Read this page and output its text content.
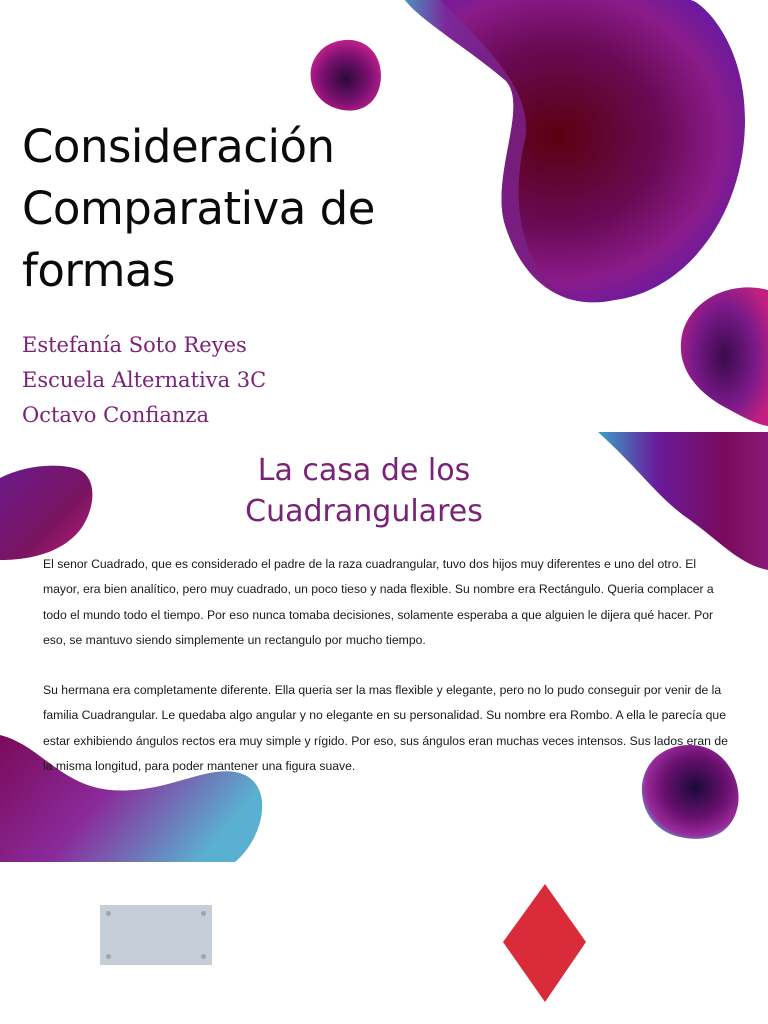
Consideración Comparativa de formas
Estefanía Soto Reyes
Escuela Alternativa 3C
Octavo Confianza
La casa de los Cuadrangulares

El senor Cuadrado, que es considerado el padre de la raza cuadrangular, tuvo dos hijos muy diferentes e uno del otro. El mayor, era bien analítico, pero muy cuadrado, un poco tieso y nada flexible. Su nombre era Rectángulo. Queria complacer a todo el mundo todo el tiempo. Por eso nunca tomaba decisiones, solamente esperaba a que alguien le dijera qué hacer. Por eso, se mantuvo siendo simplemente un rectangulo por mucho tiempo.

Su hermana era completamente diferente. Ella queria ser la mas flexible y elegante, pero no lo pudo conseguir por venir de la familia Cuadrangular. Le quedaba algo angular y no elegante en su personalidad. Su nombre era Rombo. A ella le parecía que estar exhibiendo ángulos rectos era muy simple y rígido. Por eso, sus ángulos eran muchas veces intensos. Sus lados eran de la misma longitud, para poder mantener una figura suave.
